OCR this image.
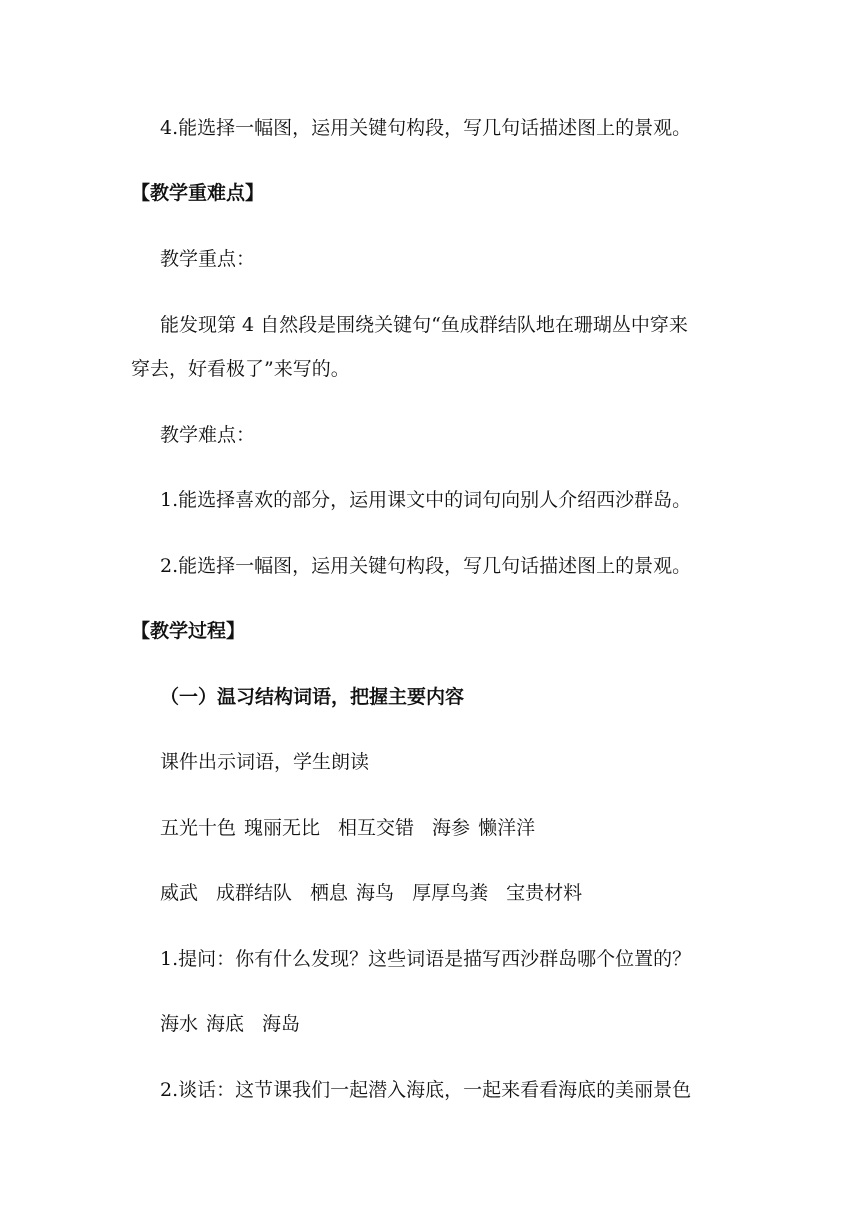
4.能选择一幅图，运用关键句构段，写几句话描述图上的景观。
【教学重难点】
教学重点：
能发现第 4 自然段是围绕关键句“鱼成群结队地在珊瑚丛中穿来
穿去，好看极了”来写的。
教学难点：
1.能选择喜欢的部分，运用课文中的词句向别人介绍西沙群岛。
2.能选择一幅图，运用关键句构段，写几句话描述图上的景观。
【教学过程】
（一）温习结构词语，把握主要内容
课件出示词语，学生朗读
五光十色 瑰丽无比 相互交错 海参 懒洋洋
威武 成群结队 栖息 海鸟 厚厚鸟粪 宝贵材料
1.提问：你有什么发现？这些词语是描写西沙群岛哪个位置的？
海水 海底 海岛
2.谈话：这节课我们一起潜入海底，一起来看看海底的美丽景色
